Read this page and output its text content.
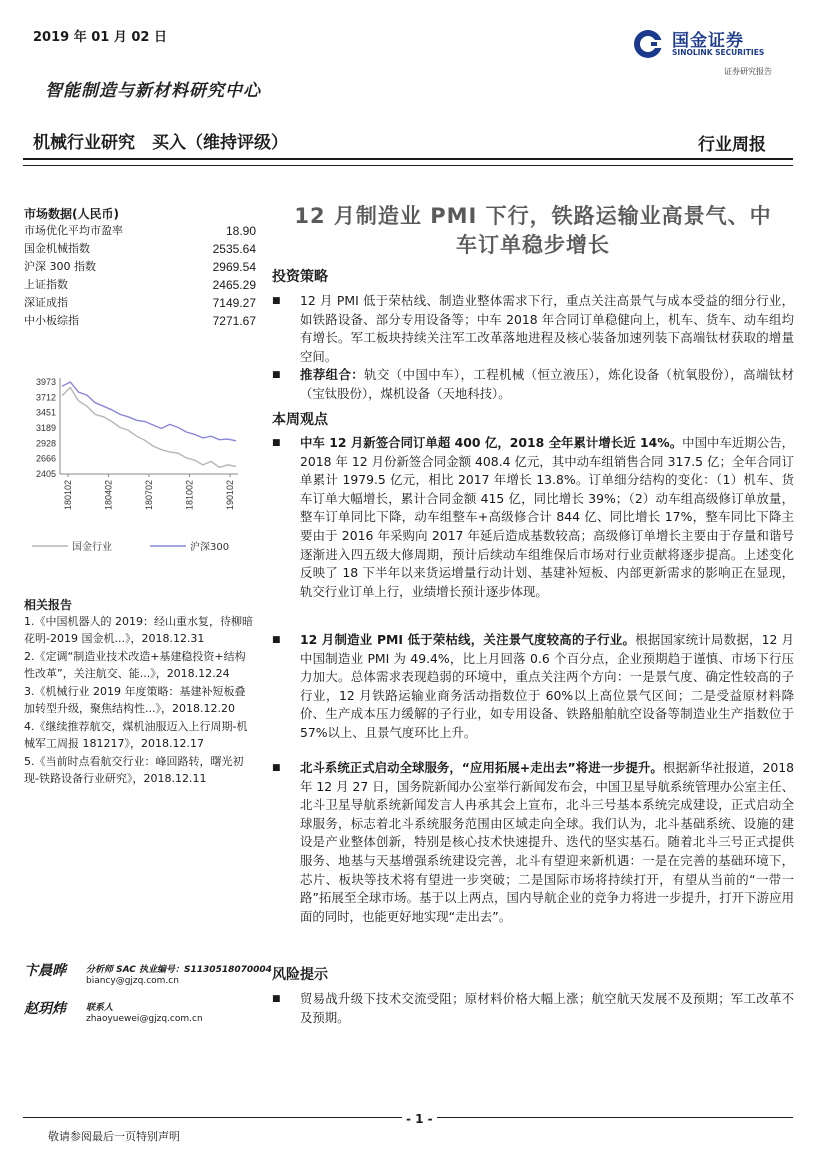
2019 年 01 月 02 日	国金证券
SINOLINK SECURITIES
证券研究报告
智能制造与新材料研究中心
机械行业研究　买入（维持评级）	行业周报
市场数据(人民币)
市场优化平均市盈率	18.90
国金机械指数	2535.64
沪深 300 指数	2969.54
上证指数	2465.29
深证成指	7149.27
中小板综指	7271.67
3973
3712
3451
3189
2928
2666
2405
180102	180402	180702	181002	190102
国金行业	沪深300
相关报告
1.《中国机器人的 2019：经山重水复，待柳暗花明-2019 国金机...》，2018.12.31
2.《定调“制造业技术改造+基建稳投资+结构性改革”，关注航交、能...》，2018.12.24
3.《机械行业 2019 年度策略：基建补短板叠加转型升级，聚焦结构性...》，2018.12.20
4.《继续推荐航交，煤机油服迈入上行周期-机械军工周报 181217》，2018.12.17
5.《当前时点看航交行业：峰回路转，曙光初现-铁路设备行业研究》，2018.12.11
卞晨晔 分析师 SAC 执业编号：S1130518070004
biancy@gjzq.com.cn
赵玥炜 联系人
zhaoyuewei@gjzq.com.cn
12 月制造业 PMI 下行，铁路运输业高景气、中
车订单稳步增长
投资策略
■ 12 月 PMI 低于荣枯线、制造业整体需求下行，重点关注高景气与成本受益的细分行业，如铁路设备、部分专用设备等；中车 2018 年合同订单稳健向上，机车、货车、动车组均有增长。军工板块持续关注军工改革落地进程及核心装备加速列装下高端钛材获取的增量空间。
■ 推荐组合：轨交（中国中车），工程机械（恒立液压），炼化设备（杭氧股份），高端钛材（宝钛股份），煤机设备（天地科技）。
本周观点
■ 中车 12 月新签合同订单超 400 亿，2018 全年累计增长近 14%。中国中车近期公告，2018 年 12 月份新签合同金额 408.4 亿元，其中动车组销售合同 317.5 亿；全年合同订单累计 1979.5 亿元，相比 2017 年增长 13.8%。订单细分结构的变化：（1）机车、货车订单大幅增长，累计合同金额 415 亿，同比增长 39%；（2）动车组高级修订单放量，整车订单同比下降，动车组整车+高级修合计 844 亿、同比增长 17%，整车同比下降主要由于 2016 年采购向 2017 年延后造成基数较高；高级修订单增长主要由于存量和谐号逐渐进入四五级大修周期，预计后续动车组维保后市场对行业贡献将逐步提高。上述变化反映了 18 下半年以来货运增量行动计划、基建补短板、内部更新需求的影响正在显现，轨交行业订单上行，业绩增长预计逐步体现。
■ 12 月制造业 PMI 低于荣枯线，关注景气度较高的子行业。根据国家统计局数据，12 月中国制造业 PMI 为 49.4%，比上月回落 0.6 个百分点，企业预期趋于谨慎、市场下行压力加大。总体需求表现趋弱的环境中，重点关注两个方向：一是景气度、确定性较高的子行业，12 月铁路运输业商务活动指数位于 60%以上高位景气区间；二是受益原材料降价、生产成本压力缓解的子行业，如专用设备、铁路船舶航空设备等制造业生产指数位于 57%以上、且景气度环比上升。
■ 北斗系统正式启动全球服务，“应用拓展+走出去”将进一步提升。根据新华社报道，2018 年 12 月 27 日，国务院新闻办公室举行新闻发布会，中国卫星导航系统管理办公室主任、北斗卫星导航系统新闻发言人冉承其会上宣布，北斗三号基本系统完成建设，正式启动全球服务，标志着北斗系统服务范围由区域走向全球。我们认为，北斗基础系统、设施的建设是产业整体创新，特别是核心技术快速提升、迭代的坚实基石。随着北斗三号正式提供服务、地基与天基增强系统建设完善，北斗有望迎来新机遇：一是在完善的基础环境下，芯片、板块等技术将有望进一步突破；二是国际市场将持续打开，有望从当前的“一带一路”拓展至全球市场。基于以上两点，国内导航企业的竞争力将进一步提升，打开下游应用面的同时，也能更好地实现“走出去”。
风险提示
■ 贸易战升级下技术交流受阻；原材料价格大幅上涨；航空航天发展不及预期；军工改革不及预期。
- 1 -
敬请参阅最后一页特别声明
